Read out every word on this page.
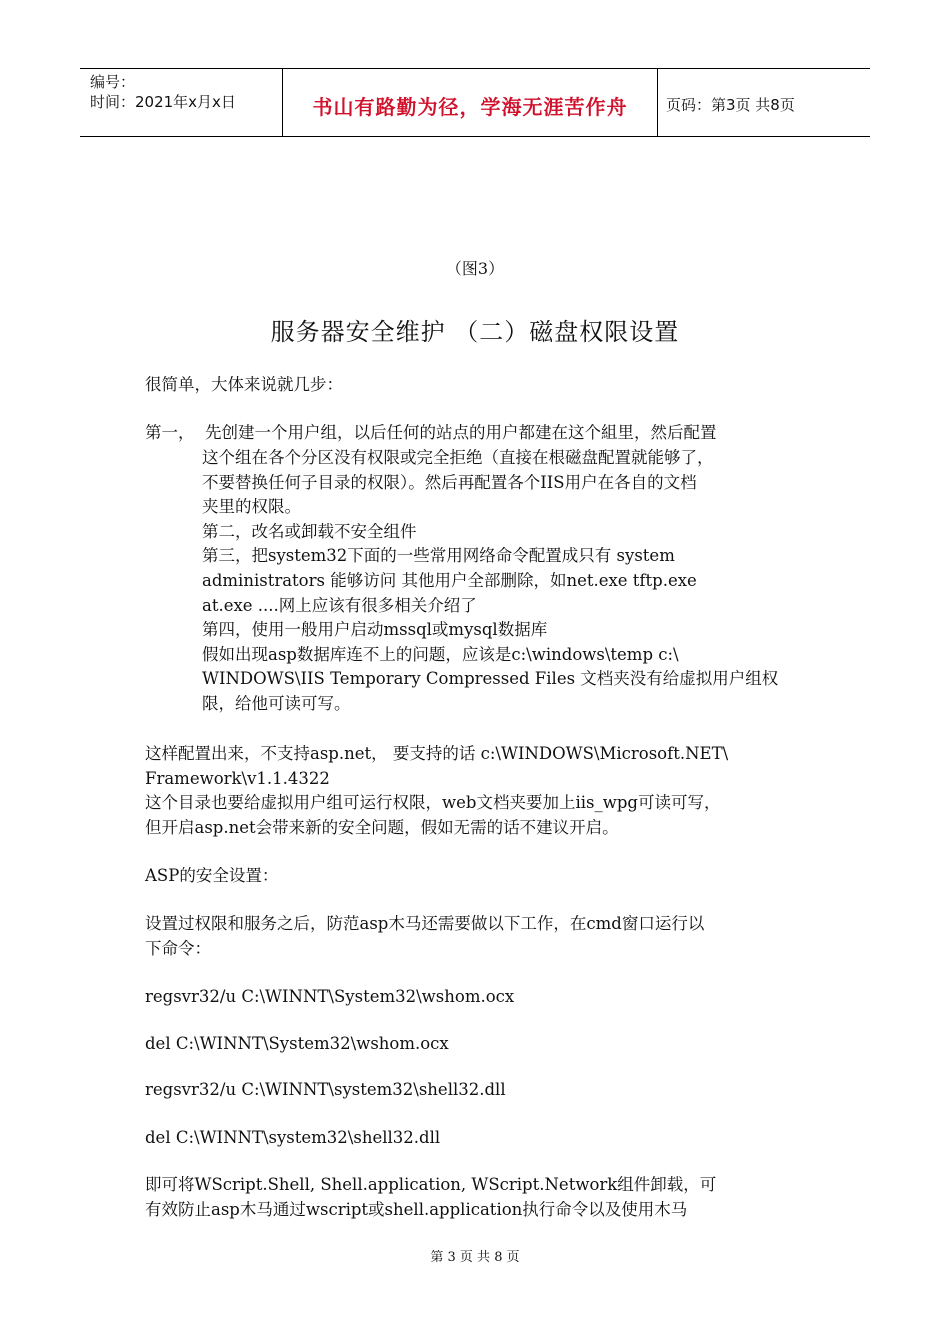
编号：
时间：2021年x月x日	书山有路勤为径，学海无涯苦作舟	页码：第3页 共8页
（图3）
服务器安全维护 （二）磁盘权限设置

很简单，大体来说就几步：

第一，  先创建一个用户组，以后任何的站点的用户都建在这个組里，然后配置

这个组在各个分区没有权限或完全拒绝（直接在根磁盘配置就能够了，
不要替换任何子目录的权限）。然后再配置各个IIS用户在各自的文档
夹里的权限。
第二，改名或卸载不安全组件
第三，把system32下面的一些常用网络命令配置成只有 system
administrators 能够访问 其他用户全部删除，如net.exe tftp.exe
at.exe ....网上应该有很多相关介绍了
第四，使用一般用户启动mssql或mysql数据库
假如出现asp数据库连不上的问题，应该是c:\windows\temp c:\
WINDOWS\IIS Temporary Compressed Files 文档夹没有给虚拟用户组权
限，给他可读可写。

这样配置出来，不支持asp.net， 要支持的话 c:\WINDOWS\Microsoft.NET\
Framework\v1.1.4322
这个目录也要给虚拟用户组可运行权限，web文档夹要加上iis_wpg可读可写，
但开启asp.net会带来新的安全问题，假如无需的话不建议开启。

ASP的安全设置：

设置过权限和服务之后，防范asp木马还需要做以下工作，在cmd窗口运行以
下命令：

regsvr32/u C:\WINNT\System32\wshom.ocx

del C:\WINNT\System32\wshom.ocx

regsvr32/u C:\WINNT\system32\shell32.dll

del C:\WINNT\system32\shell32.dll

即可将WScript.Shell, Shell.application, WScript.Network组件卸载，可
有效防止asp木马通过wscript或shell.application执行命令以及使用木马

第 3 页 共 8 页
